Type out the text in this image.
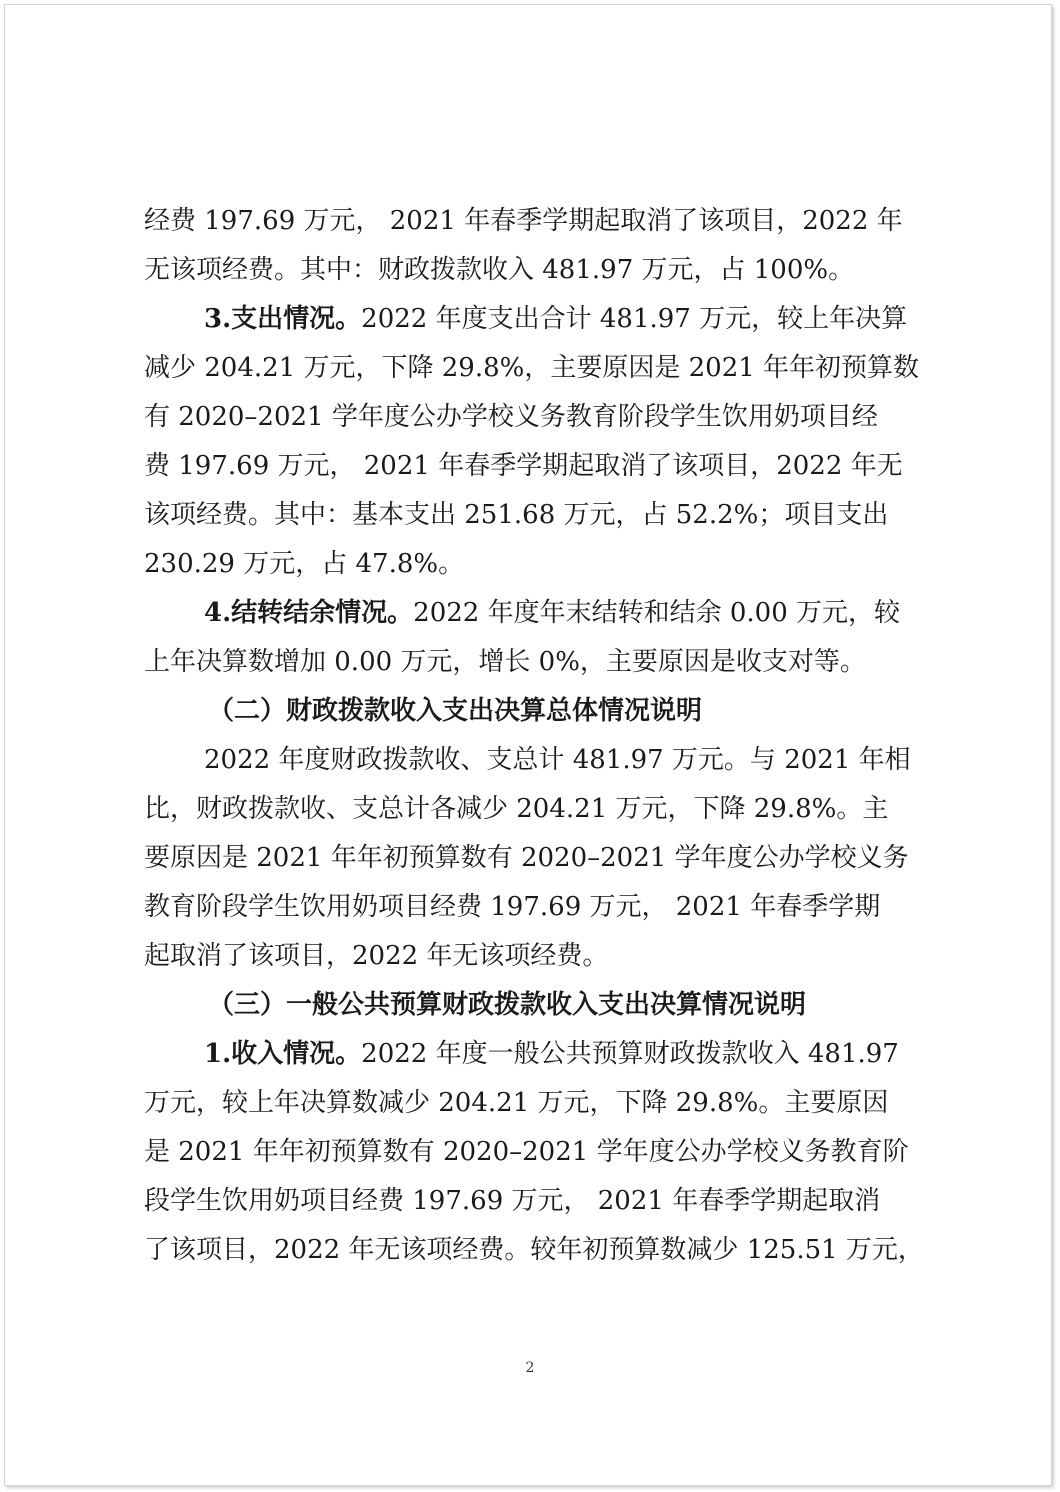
经费 197.69 万元， 2021 年春季学期起取消了该项目，2022 年
无该项经费。其中：财政拨款收入 481.97 万元，占 100%。
3.支出情况。2022 年度支出合计 481.97 万元，较上年决算
减少 204.21 万元，下降 29.8%，主要原因是 2021 年年初预算数
有 2020–2021 学年度公办学校义务教育阶段学生饮用奶项目经
费 197.69 万元， 2021 年春季学期起取消了该项目，2022 年无
该项经费。其中：基本支出 251.68 万元，占 52.2%；项目支出
230.29 万元，占 47.8%。
4.结转结余情况。2022 年度年末结转和结余 0.00 万元，较
上年决算数增加 0.00 万元，增长 0%，主要原因是收支对等。
（二）财政拨款收入支出决算总体情况说明
2022 年度财政拨款收、支总计 481.97 万元。与 2021 年相
比，财政拨款收、支总计各减少 204.21 万元，下降 29.8%。主
要原因是 2021 年年初预算数有 2020–2021 学年度公办学校义务
教育阶段学生饮用奶项目经费 197.69 万元， 2021 年春季学期
起取消了该项目，2022 年无该项经费。
（三）一般公共预算财政拨款收入支出决算情况说明
1.收入情况。2022 年度一般公共预算财政拨款收入 481.97
万元，较上年决算数减少 204.21 万元，下降 29.8%。主要原因
是 2021 年年初预算数有 2020–2021 学年度公办学校义务教育阶
段学生饮用奶项目经费 197.69 万元， 2021 年春季学期起取消
了该项目，2022 年无该项经费。较年初预算数减少 125.51 万元，
2
